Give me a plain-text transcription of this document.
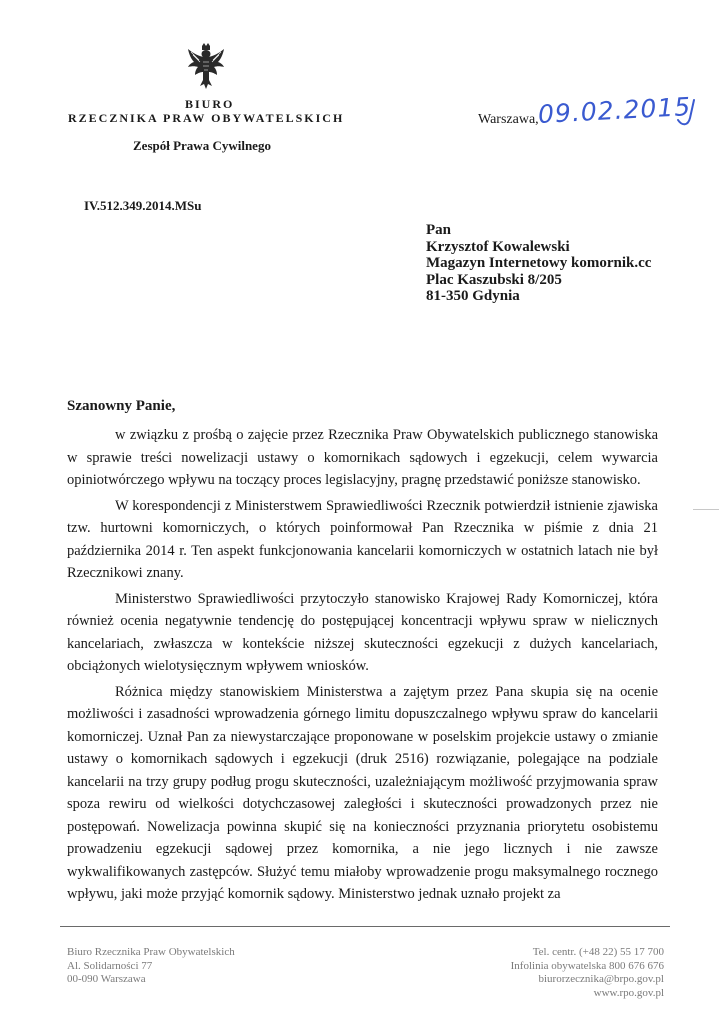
BIURO
RZECZNIKA PRAW OBYWATELSKICH
Zespół Prawa Cywilnego
Warszawa,
09.02.2015
IV.512.349.2014.MSu
Pan
Krzysztof Kowalewski
Magazyn Internetowy komornik.cc
Plac Kaszubski 8/205
81-350 Gdynia
Szanowny Panie,

w związku z prośbą o zajęcie przez Rzecznika Praw Obywatelskich publicznego stanowiska w sprawie treści nowelizacji ustawy o komornikach sądowych i egzekucji, celem wywarcia opiniotwórczego wpływu na toczący proces legislacyjny, pragnę przedstawić poniższe stanowisko.

W korespondencji z Ministerstwem Sprawiedliwości Rzecznik potwierdził istnienie zjawiska tzw. hurtowni komorniczych, o których poinformował Pan Rzecznika w piśmie z dnia 21 października 2014 r. Ten aspekt funkcjonowania kancelarii komorniczych w ostatnich latach nie był Rzecznikowi znany.

Ministerstwo Sprawiedliwości przytoczyło stanowisko Krajowej Rady Komorniczej, która również ocenia negatywnie tendencję do postępującej koncentracji wpływu spraw w nielicznych kancelariach, zwłaszcza w kontekście niższej skuteczności egzekucji z dużych kancelariach, obciążonych wielotysięcznym wpływem wniosków.

Różnica między stanowiskiem Ministerstwa a zajętym przez Pana skupia się na ocenie możliwości i zasadności wprowadzenia górnego limitu dopuszczalnego wpływu spraw do kancelarii komorniczej. Uznał Pan za niewystarczające proponowane w poselskim projekcie ustawy o zmianie ustawy o komornikach sądowych i egzekucji (druk 2516) rozwiązanie, polegające na podziale kancelarii na trzy grupy podług progu skuteczności, uzależniającym możliwość przyjmowania spraw spoza rewiru od wielkości dotychczasowej zaległości i skuteczności prowadzonych przez nie postępowań. Nowelizacja powinna skupić się na konieczności przyznania priorytetu osobistemu prowadzeniu egzekucji sądowej przez komornika, a nie jego licznych i nie zawsze wykwalifikowanych zastępców. Służyć temu miałoby wprowadzenie progu maksymalnego rocznego wpływu, jaki może przyjąć komornik sądowy. Ministerstwo jednak uznało projekt za

Biuro Rzecznika Praw Obywatelskich
Al. Solidarności 77
00-090 Warszawa
Tel. centr. (+48 22) 55 17 700
Infolinia obywatelska 800 676 676
biurorzecznika@brpo.gov.pl
www.rpo.gov.pl
